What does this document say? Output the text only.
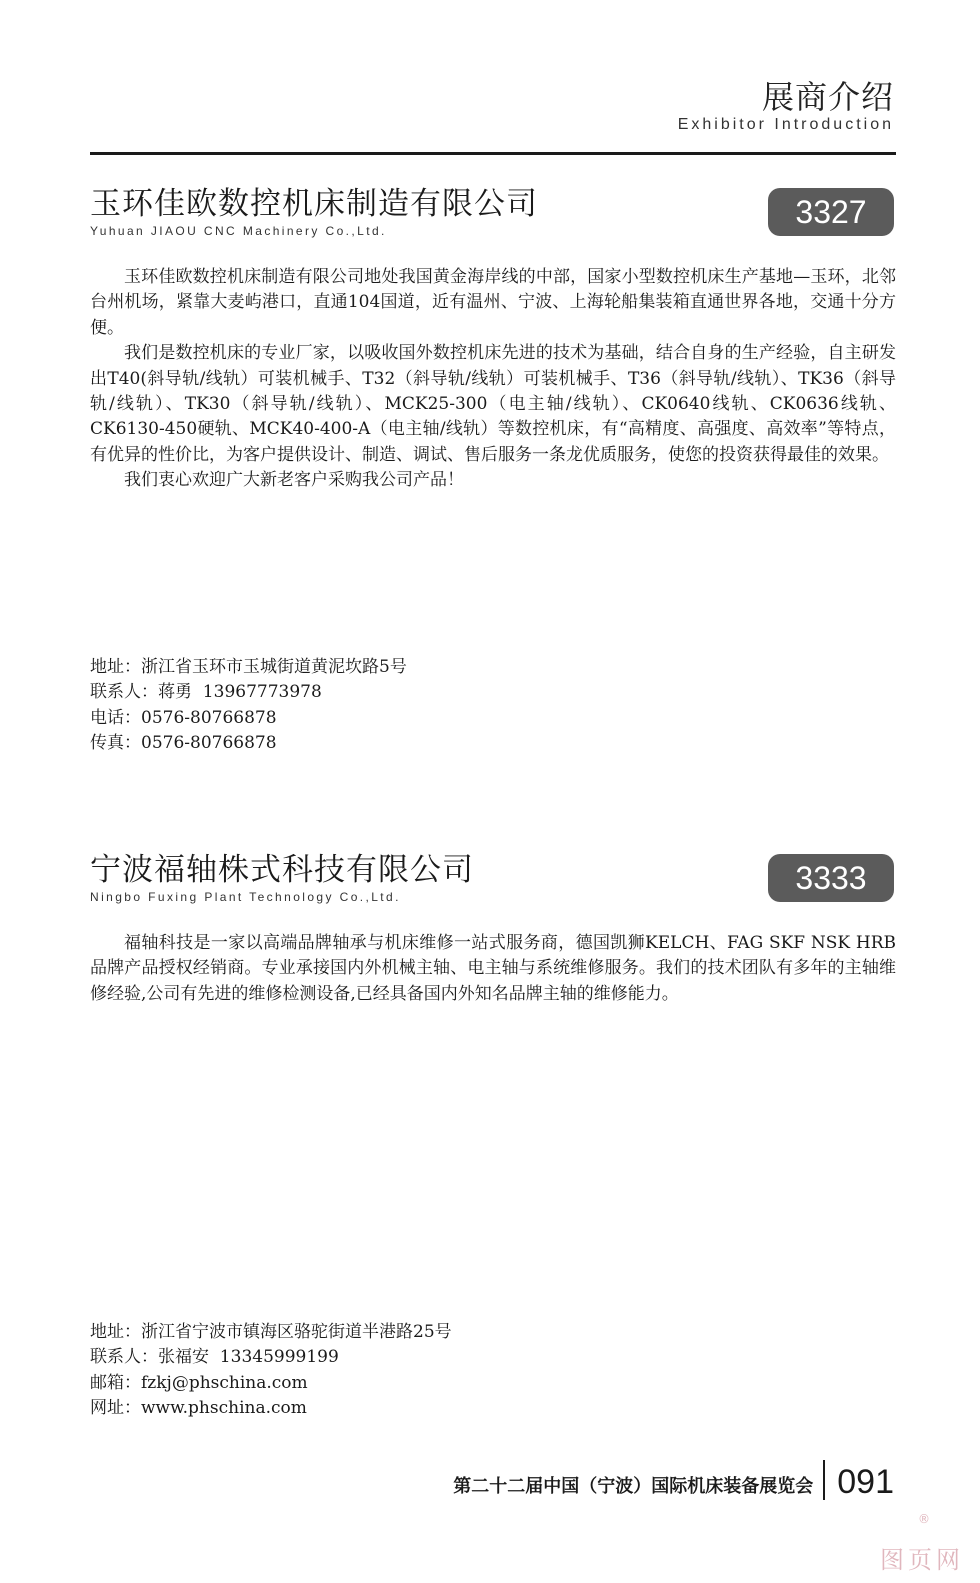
展商介绍
Exhibitor Introduction
玉环佳欧数控机床制造有限公司
Yuhuan JIAOU CNC Machinery Co.,Ltd.
3327

玉环佳欧数控机床制造有限公司地处我国黄金海岸线的中部，国家小型数控机床生产基地—玉环，北邻台州机场，紧靠大麦屿港口，直通104国道，近有温州、宁波、上海轮船集装箱直通世界各地，交通十分方便。

我们是数控机床的专业厂家，以吸收国外数控机床先进的技术为基础，结合自身的生产经验，自主研发出T40(斜导轨/线轨）可装机械手、T32（斜导轨/线轨）可装机械手、T36（斜导轨/线轨）、TK36（斜导轨/线轨）、TK30（斜导轨/线轨）、MCK25-300（电主轴/线轨）、CK0640线轨、CK0636线轨、CK6130-450硬轨、MCK40-400-A（电主轴/线轨）等数控机床，有“高精度、高强度、高效率”等特点，有优异的性价比，为客户提供设计、制造、调试、售后服务一条龙优质服务，使您的投资获得最佳的效果。

我们衷心欢迎广大新老客户采购我公司产品！

地址：浙江省玉环市玉城街道黄泥坎路5号
联系人：蒋勇  13967773978
电话：0576-80766878
传真：0576-80766878
宁波福轴株式科技有限公司
Ningbo Fuxing Plant Technology Co.,Ltd.
3333

福轴科技是一家以高端品牌轴承与机床维修一站式服务商，德国凯狮KELCH、FAG SKF NSK HRB品牌产品授权经销商。专业承接国内外机械主轴、电主轴与系统维修服务。我们的技术团队有多年的主轴维修经验,公司有先进的维修检测设备,已经具备国内外知名品牌主轴的维修能力。

地址：浙江省宁波市镇海区骆驼街道半港路25号
联系人：张福安  13345999199
邮箱：fzkj@phschina.com
网址：www.phschina.com
第二十二届中国（宁波）国际机床装备展览会 091
®
图页网
